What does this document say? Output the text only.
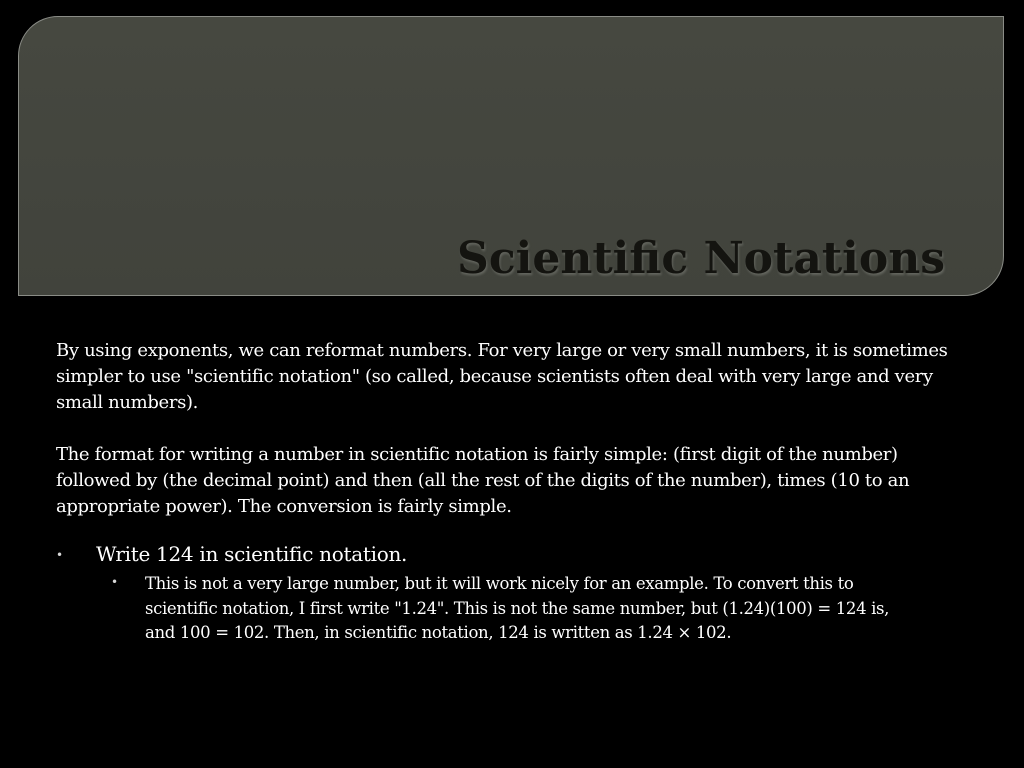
Scientific Notations

By using exponents, we can reformat numbers. For very large or very small numbers, it is sometimes simpler to use "scientific notation" (so called, because scientists often deal with very large and very small numbers).

The format for writing a number in scientific notation is fairly simple: (first digit of the number) followed by (the decimal point) and then (all the rest of the digits of the number), times (10 to an appropriate power). The conversion is fairly simple.

• Write 124 in scientific notation.
• This is not a very large number, but it will work nicely for an example. To convert this to scientific notation, I first write "1.24". This is not the same number, but (1.24)(100) = 124 is, and 100 = 102. Then, in scientific notation, 124 is written as 1.24 × 102.
